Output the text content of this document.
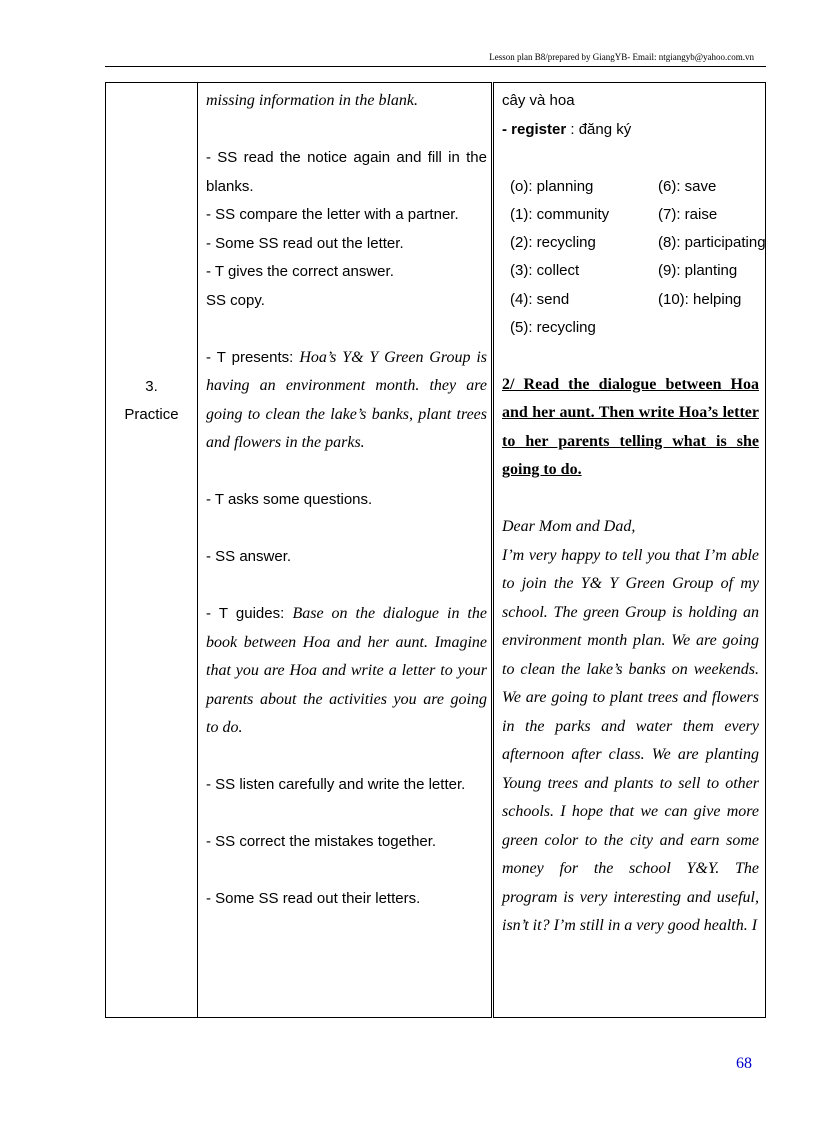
Lesson plan B8/prepared by GiangYB- Email: ntgiangyb@yahoo.com.vn
3.
Practice

missing information in the blank.

- SS read the notice again and fill in the blanks.

- SS compare the letter with a partner.

- Some SS read out the letter.

- T gives the correct answer.

SS copy.

- T presents: Hoa’s Y& Y Green Group is having an environment month. they are going to clean the lake’s banks, plant trees and flowers in the parks.

- T asks some questions.

- SS answer.

- T guides: Base on the dialogue in the book between Hoa and her aunt. Imagine that you are Hoa and write a letter to your parents about the activities you are going to do.

- SS listen carefully and write the letter.

- SS correct the mistakes together.

- Some SS read out their letters.

cây và hoa

- register : đăng ký

(o): planning	(6): save
(1): community	(7): raise
(2): recycling	(8): participating
(3): collect	(9): planting
(4): send	(10): helping
(5): recycling

2/ Read the dialogue between Hoa and her aunt. Then write Hoa’s letter to her parents telling what is she going to do.

Dear Mom and Dad,

I’m very happy to tell you that I’m able to join the Y& Y Green Group of my school. The green Group is holding an environment month plan. We are going to clean the lake’s banks on weekends. We are going to plant trees and flowers in the parks and water them every afternoon after class. We are planting Young trees and plants to sell to other schools. I hope that we can give more green color to the city and earn some money for the school Y&Y. The program is very interesting and useful, isn’t it? I’m still in a very good health. I

68
